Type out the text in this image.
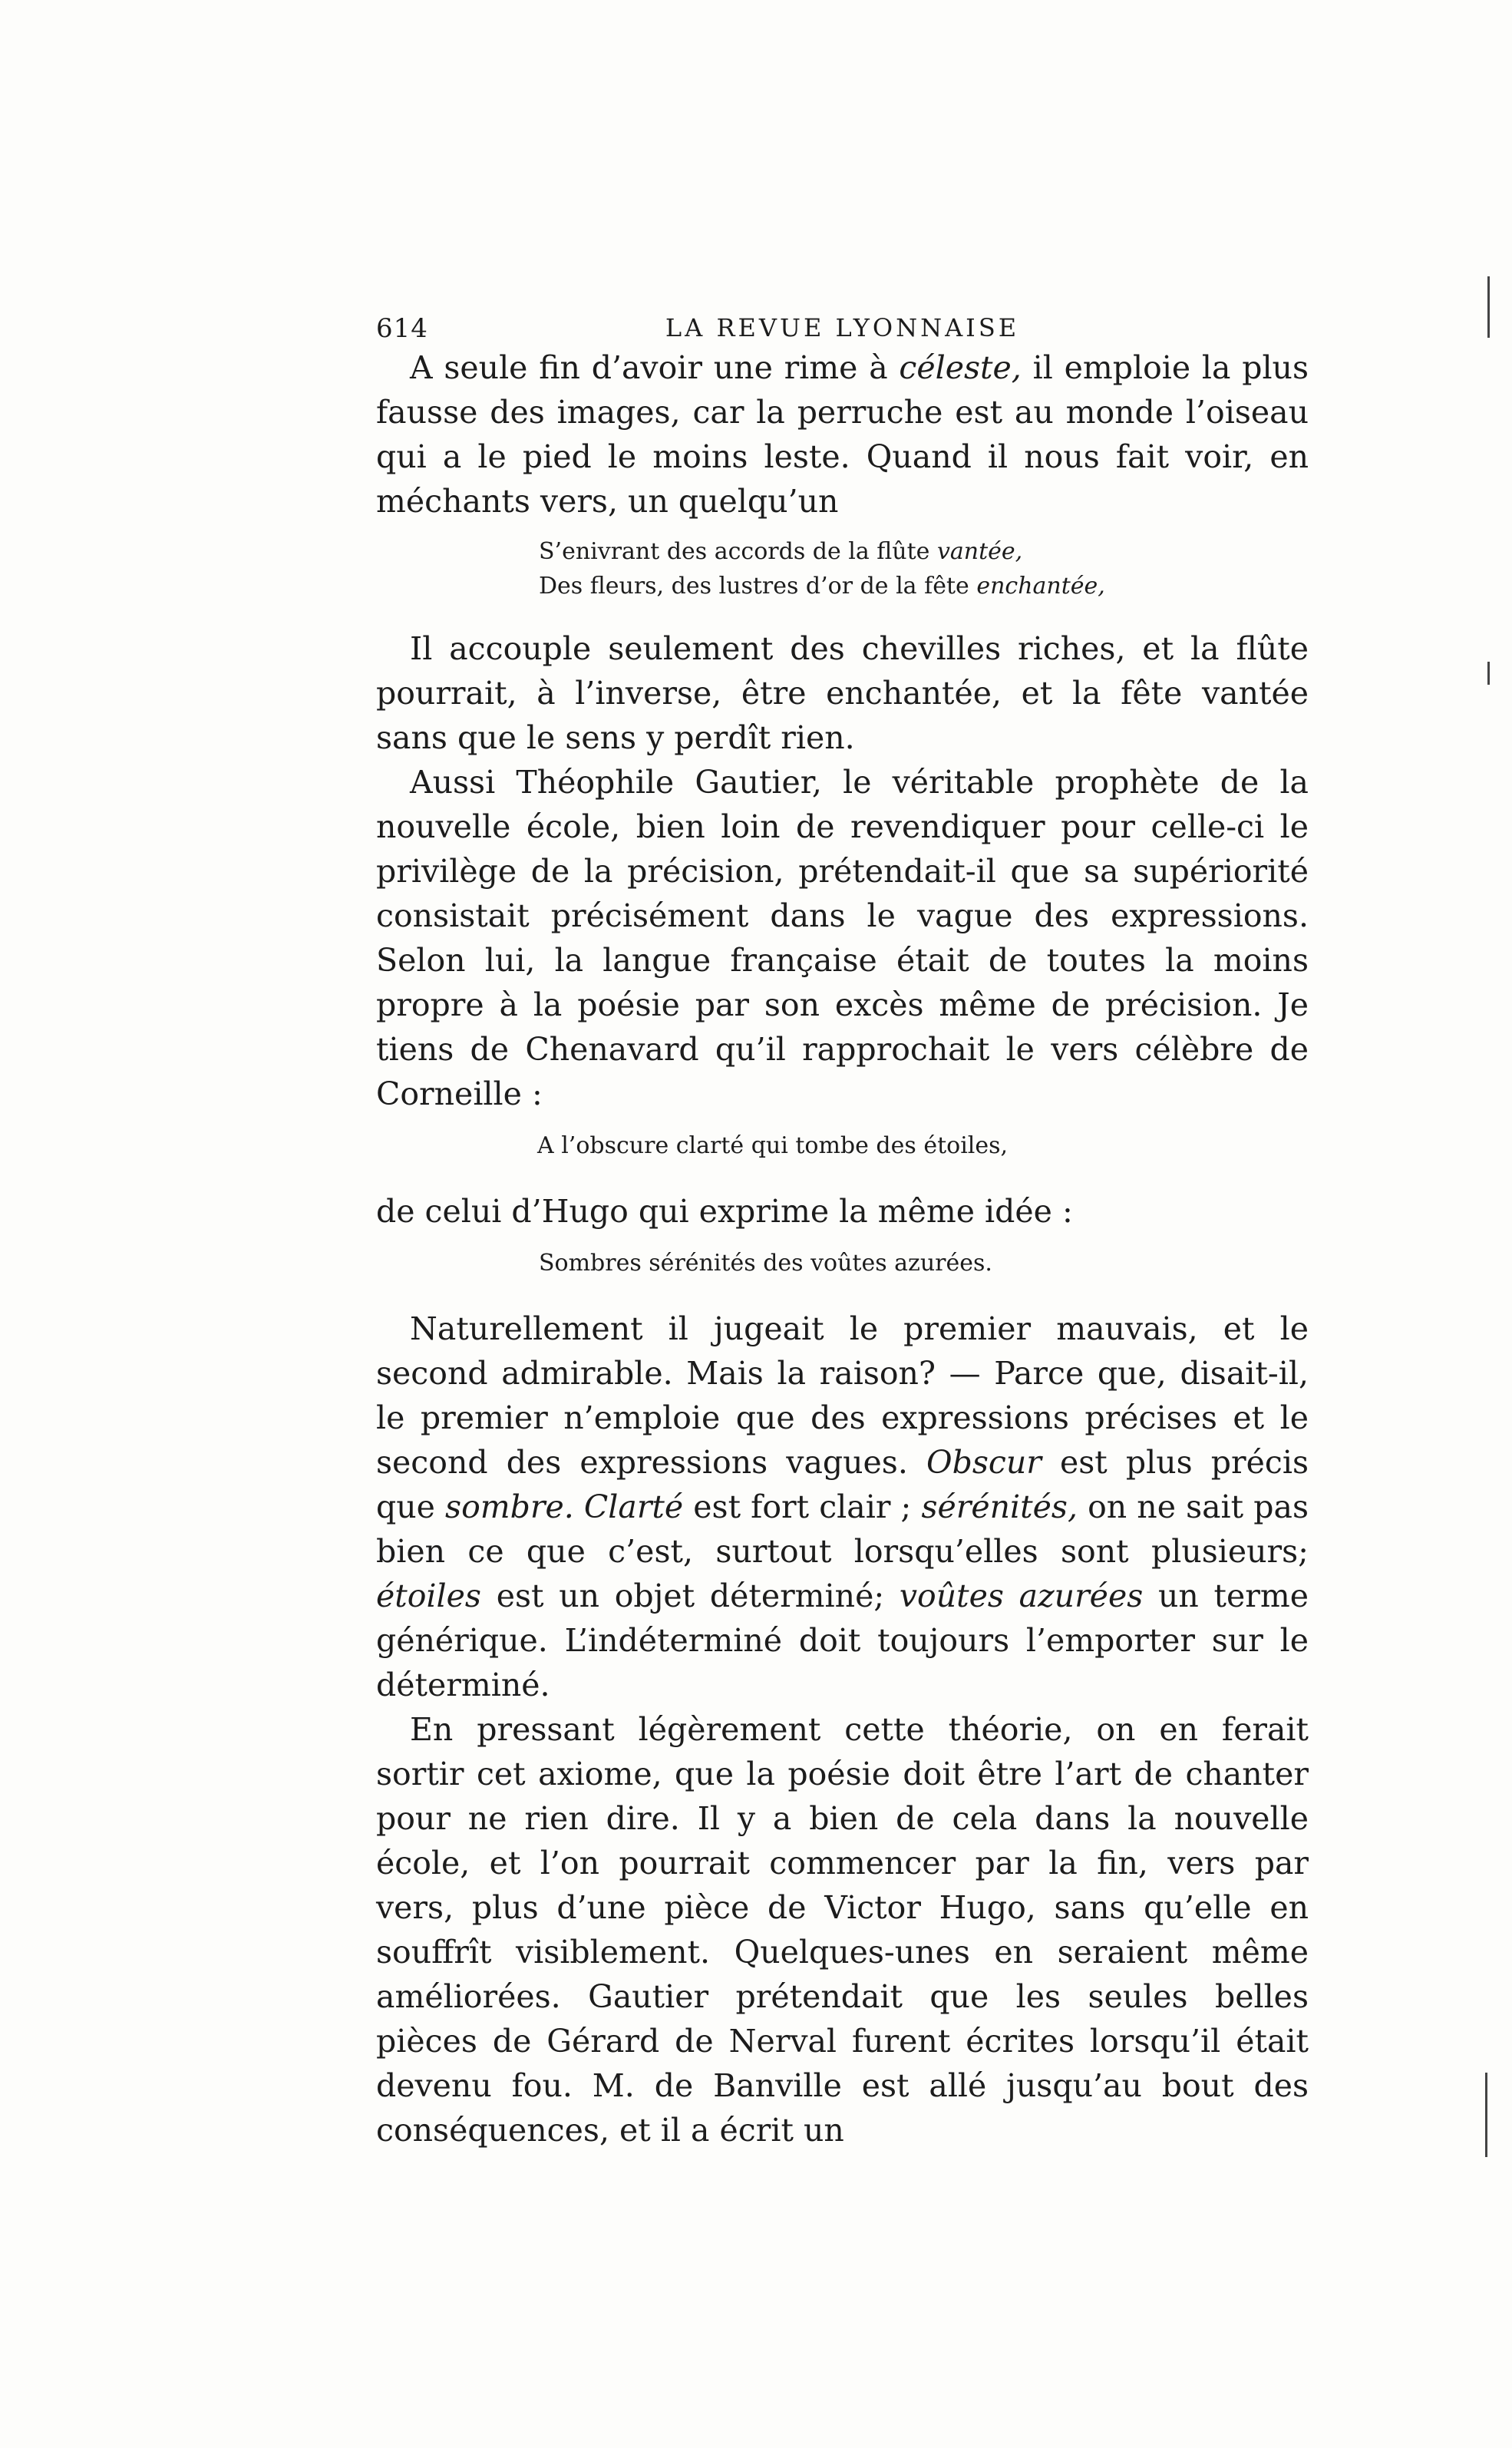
614	LA REVUE LYONNAISE

A seule fin d’avoir une rime à céleste, il emploie la plus fausse des images, car la perruche est au monde l’oiseau qui a le pied le moins leste. Quand il nous fait voir, en méchants vers, un quelqu’un

S’enivrant des accords de la flûte vantée,
Des fleurs, des lustres d’or de la fête enchantée,

Il accouple seulement des chevilles riches, et la flûte pourrait, à l’inverse, être enchantée, et la fête vantée sans que le sens y perdît rien.

Aussi Théophile Gautier, le véritable prophète de la nouvelle école, bien loin de revendiquer pour celle-ci le privilège de la précision, prétendait-il que sa supériorité consistait précisément dans le vague des expressions. Selon lui, la langue française était de toutes la moins propre à la poésie par son excès même de précision. Je tiens de Chenavard qu’il rapprochait le vers célèbre de Corneille :

A l’obscure clarté qui tombe des étoiles,

de celui d’Hugo qui exprime la même idée :

Sombres sérénités des voûtes azurées.

Naturellement il jugeait le premier mauvais, et le second admirable. Mais la raison? — Parce que, disait-il, le premier n’emploie que des expressions précises et le second des expressions vagues. Obscur est plus précis que sombre. Clarté est fort clair ; sérénités, on ne sait pas bien ce que c’est, surtout lorsqu’elles sont plusieurs; étoiles est un objet déterminé; voûtes azurées un terme générique. L’indéterminé doit toujours l’emporter sur le déterminé.

En pressant légèrement cette théorie, on en ferait sortir cet axiome, que la poésie doit être l’art de chanter pour ne rien dire. Il y a bien de cela dans la nouvelle école, et l’on pourrait commencer par la fin, vers par vers, plus d’une pièce de Victor Hugo, sans qu’elle en souffrît visiblement. Quelques-unes en seraient même améliorées. Gautier prétendait que les seules belles pièces de Gérard de Nerval furent écrites lorsqu’il était devenu fou. M. de Banville est allé jusqu’au bout des conséquences, et il a écrit un
